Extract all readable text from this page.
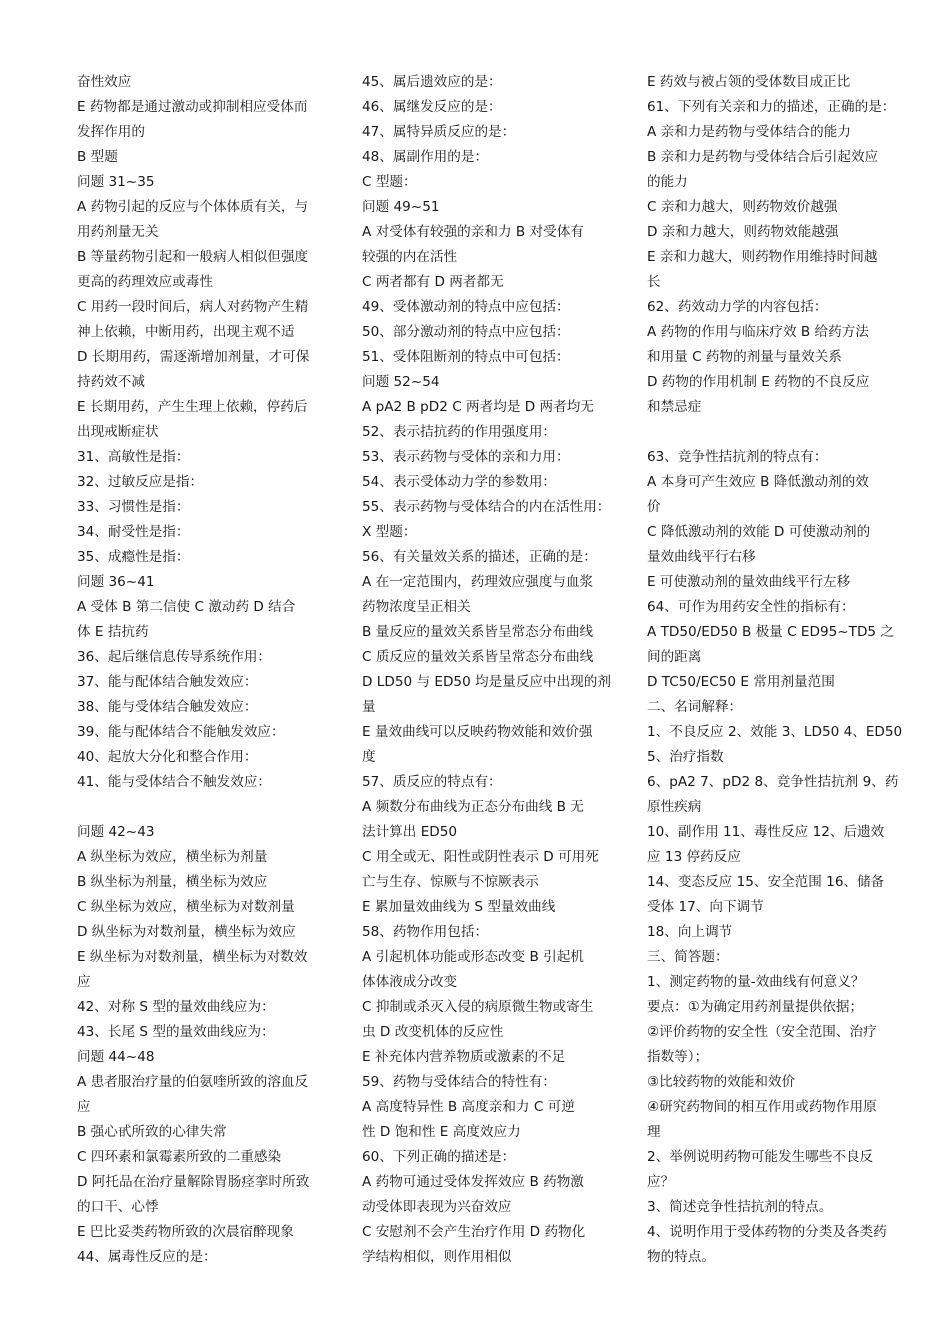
奋性效应
E 药物都是通过激动或抑制相应受体而
发挥作用的
B 型题
问题 31~35
A 药物引起的反应与个体体质有关，与
用药剂量无关
B 等量药物引起和一般病人相似但强度
更高的药理效应或毒性
C 用药一段时间后，病人对药物产生精
神上依赖，中断用药，出现主观不适
D 长期用药，需逐渐增加剂量，才可保
持药效不减
E 长期用药，产生生理上依赖，停药后
出现戒断症状
31、高敏性是指：
32、过敏反应是指：
33、习惯性是指：
34、耐受性是指：
35、成瘾性是指：
问题 36~41
A 受体 B 第二信使 C 激动药 D 结合
体 E 拮抗药
36、起后继信息传导系统作用：
37、能与配体结合触发效应：
38、能与受体结合触发效应：
39、能与配体结合不能触发效应：
40、起放大分化和整合作用：
41、能与受体结合不触发效应：
问题 42~43
A 纵坐标为效应，横坐标为剂量
B 纵坐标为剂量，横坐标为效应
C 纵坐标为效应，横坐标为对数剂量
D 纵坐标为对数剂量，横坐标为效应
E 纵坐标为对数剂量，横坐标为对数效
应
42、对称 S 型的量效曲线应为：
43、长尾 S 型的量效曲线应为：
问题 44~48
A 患者服治疗量的伯氨喹所致的溶血反
应
B 强心甙所致的心律失常
C 四环素和氯霉素所致的二重感染
D 阿托品在治疗量解除胃肠痉挛时所致
的口干、心悸
E 巴比妥类药物所致的次晨宿醉现象
44、属毒性反应的是：
45、属后遗效应的是：
46、属继发反应的是：
47、属特异质反应的是：
48、属副作用的是：
C 型题：
问题 49~51
A 对受体有较强的亲和力 B 对受体有
较强的内在活性
C 两者都有 D 两者都无
49、受体激动剂的特点中应包括：
50、部分激动剂的特点中应包括：
51、受体阻断剂的特点中可包括：
问题 52~54
A pA2 B pD2 C 两者均是 D 两者均无
52、表示拮抗药的作用强度用：
53、表示药物与受体的亲和力用：
54、表示受体动力学的参数用：
55、表示药物与受体结合的内在活性用：
X 型题：
56、有关量效关系的描述，正确的是：
A 在一定范围内，药理效应强度与血浆
药物浓度呈正相关
B 量反应的量效关系皆呈常态分布曲线
C 质反应的量效关系皆呈常态分布曲线
D LD50 与 ED50 均是量反应中出现的剂
量
E 量效曲线可以反映药物效能和效价强
度
57、质反应的特点有：
A 频数分布曲线为正态分布曲线 B 无
法计算出 ED50
C 用全或无、阳性或阴性表示 D 可用死
亡与生存、惊厥与不惊厥表示
E 累加量效曲线为 S 型量效曲线
58、药物作用包括：
A 引起机体功能或形态改变 B 引起机
体体液成分改变
C 抑制或杀灭入侵的病原微生物或寄生
虫 D 改变机体的反应性
E 补充体内营养物质或激素的不足
59、药物与受体结合的特性有：
A 高度特异性 B 高度亲和力 C 可逆
性 D 饱和性 E 高度效应力
60、下列正确的描述是：
A 药物可通过受体发挥效应 B 药物激
动受体即表现为兴奋效应
C 安慰剂不会产生治疗作用 D 药物化
学结构相似，则作用相似
E 药效与被占领的受体数目成正比
61、下列有关亲和力的描述，正确的是：
A 亲和力是药物与受体结合的能力
B 亲和力是药物与受体结合后引起效应
的能力
C 亲和力越大，则药物效价越强
D 亲和力越大，则药物效能越强
E 亲和力越大，则药物作用维持时间越
长
62、药效动力学的内容包括：
A 药物的作用与临床疗效 B 给药方法
和用量 C 药物的剂量与量效关系
D 药物的作用机制 E 药物的不良反应
和禁忌症
63、竞争性拮抗剂的特点有：
A 本身可产生效应 B 降低激动剂的效
价
C 降低激动剂的效能 D 可使激动剂的
量效曲线平行右移
E 可使激动剂的量效曲线平行左移
64、可作为用药安全性的指标有：
A TD50/ED50 B 极量 C ED95~TD5 之
间的距离
D TC50/EC50 E 常用剂量范围
二、名词解释：
1、不良反应 2、效能 3、LD50 4、ED50
5、治疗指数
6、pA2 7、pD2 8、竞争性拮抗剂 9、药
原性疾病
10、副作用 11、毒性反应 12、后遗效
应 13 停药反应
14、变态反应 15、安全范围 16、储备
受体 17、向下调节
18、向上调节
三、简答题：
1、测定药物的量-效曲线有何意义？
要点：①为确定用药剂量提供依据；
②评价药物的安全性（安全范围、治疗
指数等）；
③比较药物的效能和效价
④研究药物间的相互作用或药物作用原
理
2、举例说明药物可能发生哪些不良反
应？
3、简述竞争性拮抗剂的特点。
4、说明作用于受体药物的分类及各类药
物的特点。
